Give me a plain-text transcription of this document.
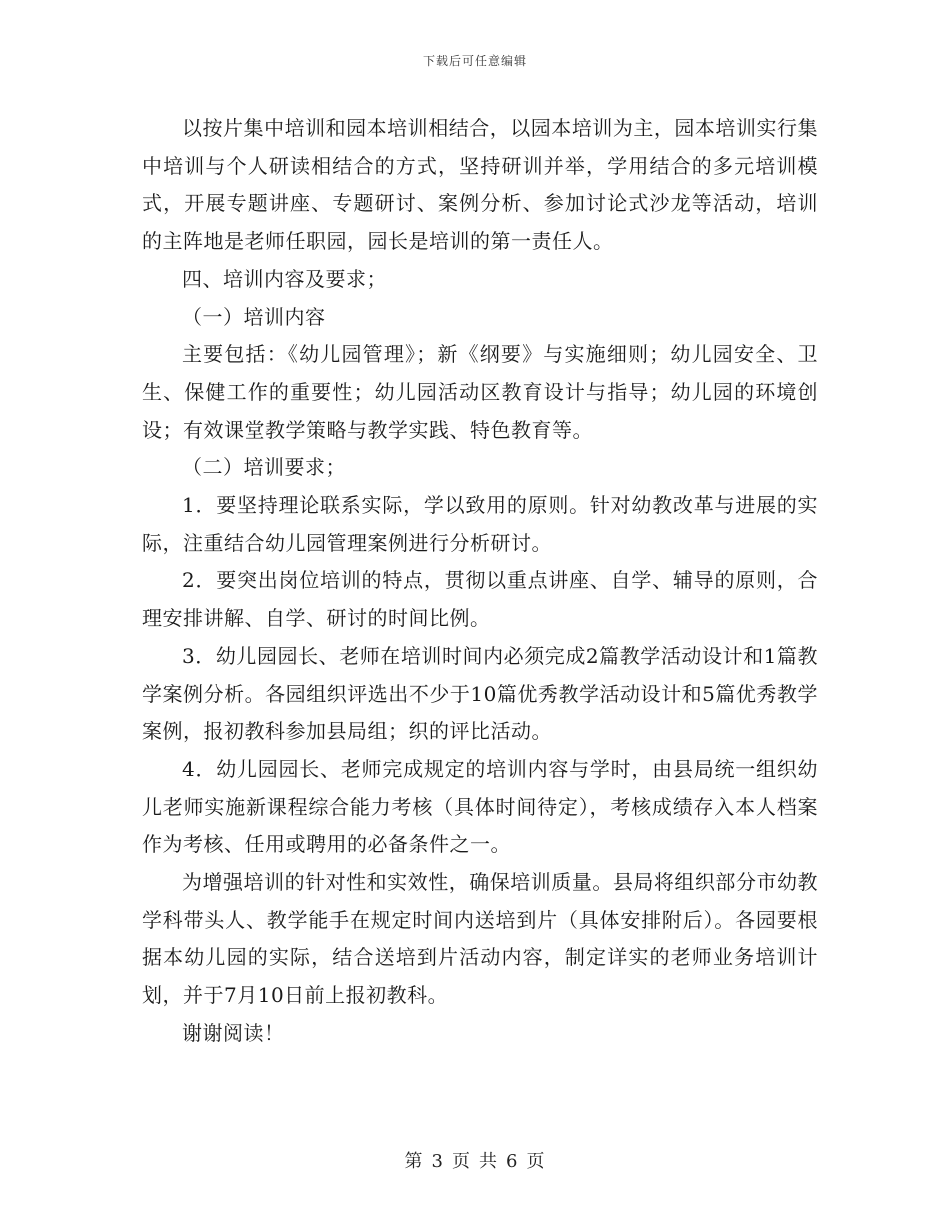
下载后可任意编辑

以按片集中培训和园本培训相结合，以园本培训为主，园本培训实行集中培训与个人研读相结合的方式，坚持研训并举，学用结合的多元培训模式，开展专题讲座、专题研讨、案例分析、参加讨论式沙龙等活动，培训的主阵地是老师任职园，园长是培训的第一责任人。

四、培训内容及要求；

（一）培训内容

主要包括：《幼儿园管理》；新《纲要》与实施细则；幼儿园安全、卫生、保健工作的重要性；幼儿园活动区教育设计与指导；幼儿园的环境创设；有效课堂教学策略与教学实践、特色教育等。

（二）培训要求；

1．要坚持理论联系实际，学以致用的原则。针对幼教改革与进展的实际，注重结合幼儿园管理案例进行分析研讨。

2．要突出岗位培训的特点，贯彻以重点讲座、自学、辅导的原则，合理安排讲解、自学、研讨的时间比例。

3．幼儿园园长、老师在培训时间内必须完成2篇教学活动设计和1篇教学案例分析。各园组织评选出不少于10篇优秀教学活动设计和5篇优秀教学案例，报初教科参加县局组；织的评比活动。

4．幼儿园园长、老师完成规定的培训内容与学时，由县局统一组织幼儿老师实施新课程综合能力考核（具体时间待定），考核成绩存入本人档案作为考核、任用或聘用的必备条件之一。

为增强培训的针对性和实效性，确保培训质量。县局将组织部分市幼教学科带头人、教学能手在规定时间内送培到片（具体安排附后）。各园要根据本幼儿园的实际，结合送培到片活动内容，制定详实的老师业务培训计划，并于7月10日前上报初教科。

谢谢阅读！

第 3 页 共 6 页
